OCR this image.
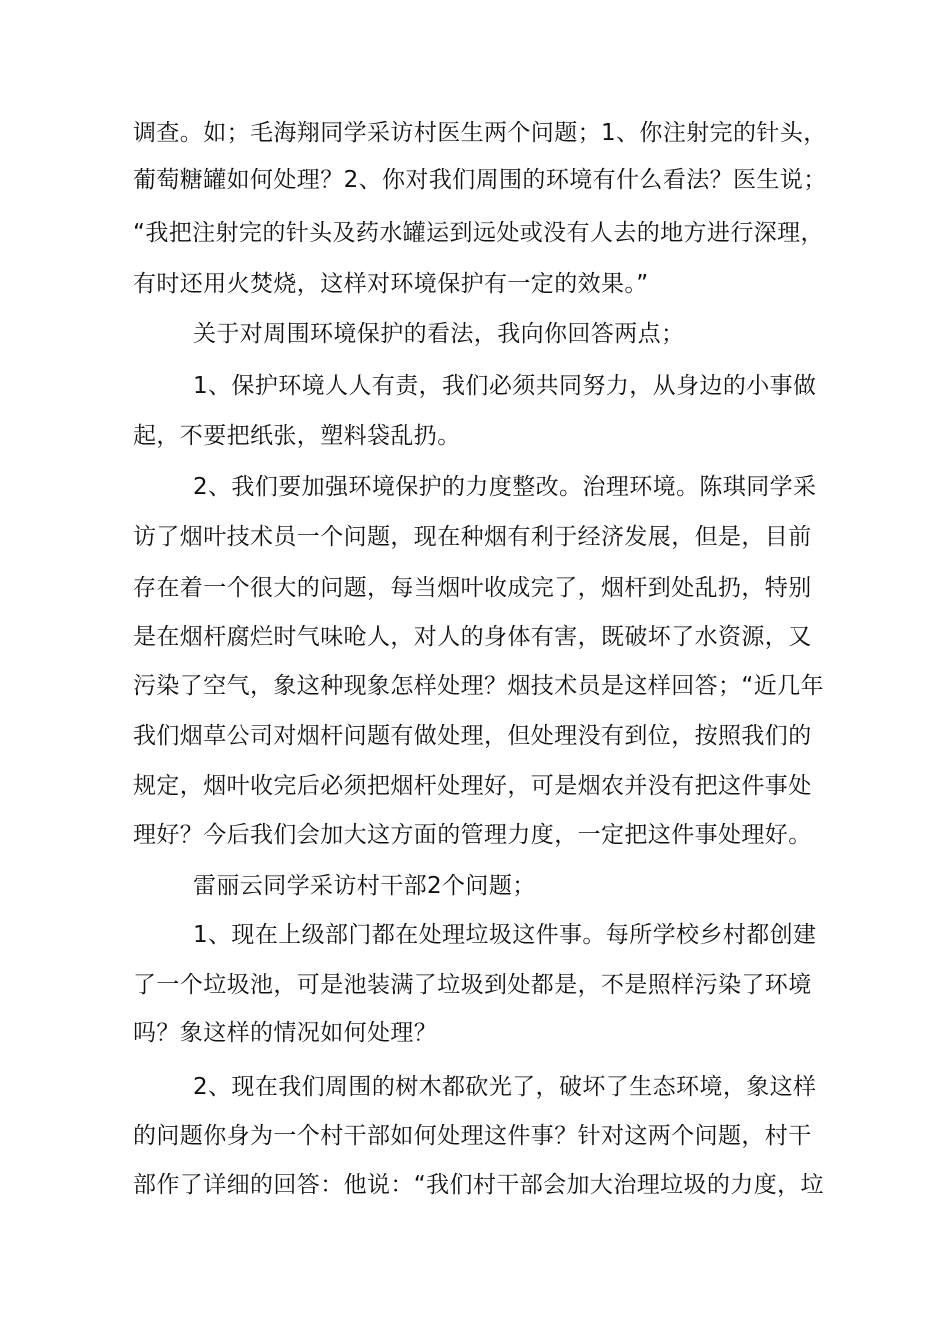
调查。如；毛海翔同学采访村医生两个问题；1、你注射完的针头，
葡萄糖罐如何处理？2、你对我们周围的环境有什么看法？医生说；
“我把注射完的针头及药水罐运到远处或没有人去的地方进行深理，
有时还用火焚烧，这样对环境保护有一定的效果。”
关于对周围环境保护的看法，我向你回答两点；
1、保护环境人人有责，我们必须共同努力，从身边的小事做
起，不要把纸张，塑料袋乱扔。
2、我们要加强环境保护的力度整改。治理环境。陈琪同学采
访了烟叶技术员一个问题，现在种烟有利于经济发展，但是，目前
存在着一个很大的问题，每当烟叶收成完了，烟杆到处乱扔，特别
是在烟杆腐烂时气味呛人，对人的身体有害，既破坏了水资源，又
污染了空气，象这种现象怎样处理？烟技术员是这样回答；“近几年
我们烟草公司对烟杆问题有做处理，但处理没有到位，按照我们的
规定，烟叶收完后必须把烟杆处理好，可是烟农并没有把这件事处
理好？今后我们会加大这方面的管理力度，一定把这件事处理好。
雷丽云同学采访村干部2个问题；
1、现在上级部门都在处理垃圾这件事。每所学校乡村都创建
了一个垃圾池，可是池装满了垃圾到处都是，不是照样污染了环境
吗？象这样的情况如何处理？
2、现在我们周围的树木都砍光了，破坏了生态环境，象这样
的问题你身为一个村干部如何处理这件事？针对这两个问题，村干
部作了详细的回答：他说：“我们村干部会加大治理垃圾的力度，垃
